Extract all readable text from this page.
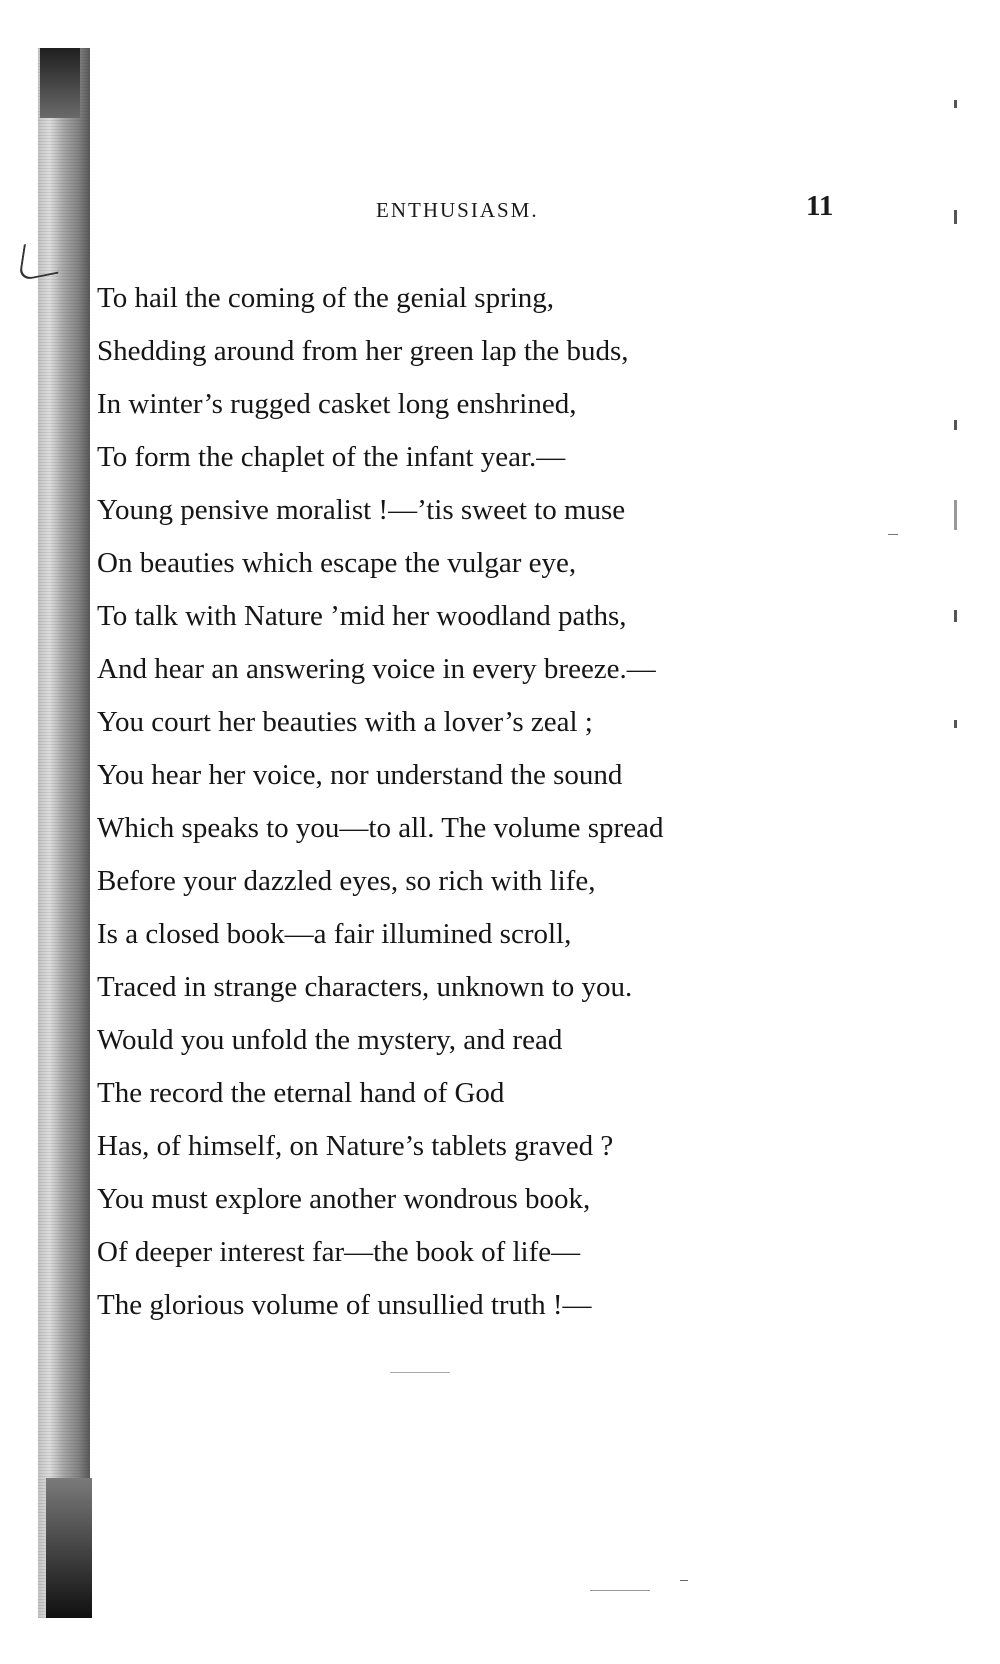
ENTHUSIASM.	11
To hail the coming of the genial spring,
Shedding around from her green lap the buds,
In winter’s rugged casket long enshrined,
To form the chaplet of the infant year.—
Young pensive moralist !—’tis sweet to muse
On beauties which escape the vulgar eye,
To talk with Nature ’mid her woodland paths,
And hear an answering voice in every breeze.—
You court her beauties with a lover’s zeal ;
You hear her voice, nor understand the sound
Which speaks to you—to all. The volume spread
Before your dazzled eyes, so rich with life,
Is a closed book—a fair illumined scroll,
Traced in strange characters, unknown to you.
Would you unfold the mystery, and read
The record the eternal hand of God
Has, of himself, on Nature’s tablets graved ?
You must explore another wondrous book,
Of deeper interest far—the book of life—
The glorious volume of unsullied truth !—
